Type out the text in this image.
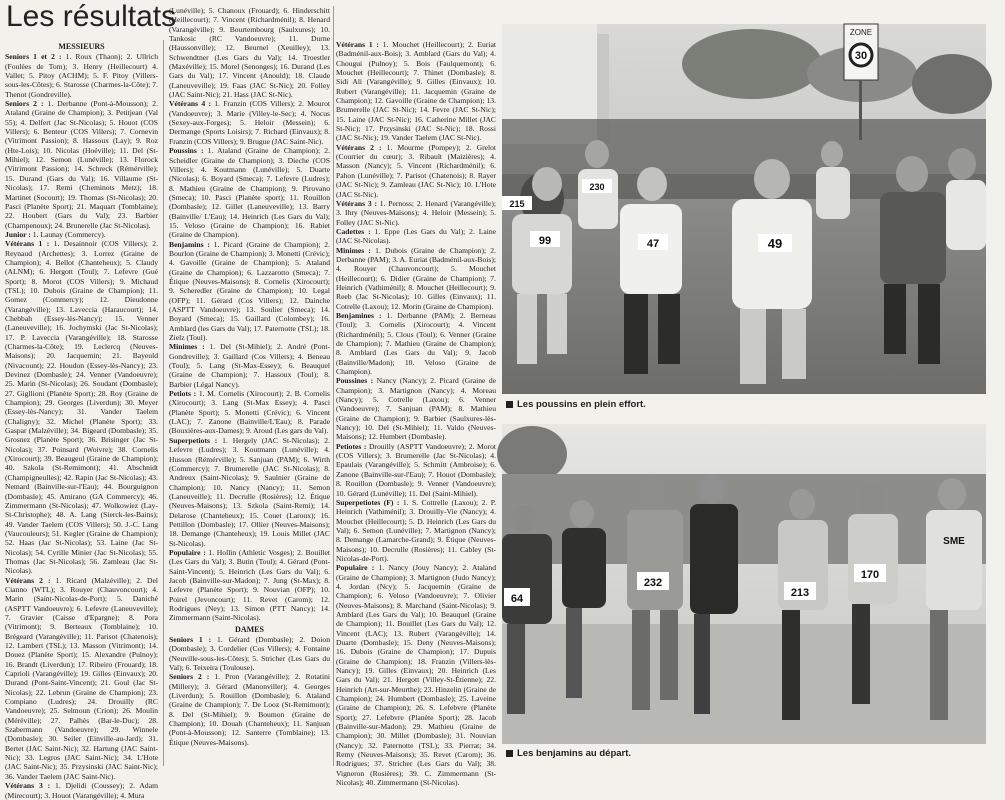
Les résultats
MESSIEURS

Seniors 1 et 2 : 1. Roux (Thaon); 2. Ullrich (Foulées de Tom); 3. Henry (Heillecourt) 4. Vallet; 5. Pitoy (ACHM); 5. F. Pitoy (Villers-sous-les-Côtes); 6. Starosse (Charmes-la-Côte); 7. Thenot (Gondreville).

Seniors 2 : 1. Derbanne (Pont-à-Mousson); 2. Ataland (Graine de Champion); 3. Petitjean (Val 55); 4. Delfert (Jac St-Nicolas); 5. Houot (COS Villers); 6. Benteur (COS Villers); 7. Cornevin (Vitrimont Passion); 8. Hassoux (Lay); 9. Roz (Hte-Lois); 10. Nicolas (Hoéville); 11. Del (St-Mihiel); 12. Semon (Lunéville); 13. Florock (Vitrimont Passion); 14. Schreck (Rémérville); 15. Durand (Gars du Val); 16. Villaume (St-Nicolas); 17. Remi (Cheminots Metz); 18. Martinet (Socourt); 19. Thomas (St-Nicolas); 20. Pasci (Planète Sport); 21. Maquart (Tomblaine); 22. Houbert (Gars du Val); 23. Barbier (Champenoux); 24. Brunerelle (Jac St-Nicolas).

Junior : 1. Launay (Commercy).

Vétérans 1 : 1. Desainnoir (COS Villers); 2. Reynaud (Archettes); 3. Lorrez (Graine de Champion); 4. Bellot (Chanteheux); 5. Claudy (ALNM); 6. Hergott (Toul); 7. Lefevre (Gué Sport); 8. Morot (COS Villers); 9. Michaud (TSL); 10. Dubois (Graine de Champion); 11. Gomez (Commercy); 12. Dieudonne (Varangéville); 13. Laveccia (Haraucourt); 14. Chebbah (Essey-lès-Nancy); 15. Venner (Laneuveville); 16. Jochymski (Jac St-Nicolas); 17. P. Laveccia (Varangéville); 18. Starosse (Charmes-la-Côte); 19. Leclercq (Neuves-Maisons); 20. Jacquemin; 21. Bayeuld (Nivacount); 22. Houdon (Essey-lès-Nancy); 23. Devinez (Dombasle); 24. Venner (Vandoeuvre); 25. Marin (St-Nicolas); 26. Soudant (Dombasle); 27. Gigllioni (Planète Sport); 28. Roy (Graine de Champion); 29. Georges (Liverdun); 30. Meyer (Essey-lès-Nancy); 31. Vander Taelem (Chaligny); 32. Michel (Planète Sport); 33. Gaspar (Malzéville); 34. Bigeard (Dombasle); 35. Grosnez (Planète Sport); 36. Brisinger (Jac St-Nicolas); 37. Poinsard (Woivre); 38. Cornelis (Xirocourt); 39. Beaugeul (Graine de Champion); 40. Szkola (St-Remimont); 41. Abschnidt (Champigneulles); 42. Rapin (Jac St-Nicolas); 43. Nemard (Bainville-sur-l'Eau); 44. Bourguignon (Dombasle); 45. Amirano (GA Commercy); 46. Zimmermann (St-Nicolas); 47. Wolkowiez (Lay-St-Christophe); 48. A. Lang (Sierck-les-Bains); 49. Vander Taelem (COS Villers); 50. J.-C. Lang (Vaucouleurs); 51. Kegler (Graine de Champion); 52. Haas (Jac St-Nicolas); 53. Laine (Jac St-Nicolas); 54. Cyrille Minier (Jac St-Nicolas); 55. Thomas (Jac St-Nicolas); 56. Zamleau (Jac St-Nicolas).

Vétérans 2 : 1. Ricard (Malzéville); 2. Del Cianno (WTL); 3. Rouyer (Chauvoncourt); 4. Marin (Saint-Nicolas-de-Port); 5. Daniché (ASPTT Vandoeuvre); 6. Lefevre (Laneuveville); 7. Gravier (Caisse d'Epargne); 8. Pora (Vitrimont); 9. Berteaux (Tomblaine); 10. Brégeard (Varangéville); 11. Parisot (Chatenois); 12. Lambert (TSL); 13. Masson (Vitrimont); 14. Douez (Planète Sport); 15. Alexandre (Pulnoy); 16. Brandt (Liverdun); 17. Ribeiro (Frouard); 18. Caprioli (Varangéville); 19. Gilles (Einvaux); 20. Durand (Pont-Saint-Vincent); 21. Goul (Jac St-Nicolas); 22. Lebrun (Graine de Champion); 23. Compiano (Ludres); 24. Drouilly (RC Vandoeuvre); 25. Selmoun (Crion); 26. Moulin (Méréville); 27. Palhès (Bar-le-Duc); 28. Szabermann (Vandoeuvre); 29. Winnele (Dombasle); 30. Seiler (Einville-au-Jard); 31. Bertet (JAC Saint-Nic); 32. Hartung (JAC Saint-Nic); 33. Legros (JAC Saint-Nic); 34. L'Hote (JAC Saint-Nic); 35. Przysinski (JAC Saint-Nic); 36. Vander Taelem (JAC Saint-Nic).

Vétérans 3 : 1. Djelidi (Coussey); 2. Adam (Mirecourt); 3. Houot (Varangéville); 4. Mura

(Lunéville); 5. Chanoux (Frouard); 6. Hinderschitt (Heillecourt); 7. Vincent (Richardménil); 8. Henard (Varangéville); 9. Bourtembourg (Saulxures); 10. Tankosic (RC Vandoeuvre); 11. Durne (Haussonville); 12. Beurnel (Xeuilley); 13. Schwendtner (Les Gars du Val); 14. Troestler (Maxéville); 15. Morel (Senonges); 16. Durand (Les Gars du Val); 17. Vincent (Anould); 18. Claude (Laneuveville); 19. Faas (JAC St-Nic); 20. Folley (JAC Saint-Nic); 21. Hass (JAC St-Nic).

Vétérans 4 : 1. Franzin (COS Villers); 2. Mourot (Vandoeuvre); 3. Marie (Villey-le-Sec); 4. Nocus (Sexey-aux-Forges); 5. Heloir (Messein); 6. Dermange (Sports Loisirs); 7. Richard (Einvaux); 8. Franzin (COS Villers); 9. Brugue (JAC Saint-Nic).

Poussins : 1. Ataland (Graine de Champion); 2. Scheidler (Graine de Champion); 3. Dieche (COS Villers); 4. Koutmann (Lunéville); 5. Duarte (Nicolas); 6. Boyard (Smeca); 7. Lefevre (Ludres); 8. Mathieu (Graine de Champion); 9. Pirovano (Smeca); 10. Pasci (Planète sport); 11. Rouillon (Dombasle); 12. Gillet (Laneuveville); 13. Barry (Bainville/ L'Eau); 14. Heinrich (Les Gars du Val); 15. Veloso (Graine de Champion); 16. Rabiet (Graine de Champion).

Benjamins : 1. Picard (Graine de Champion); 2. Bourlon (Graine de Champion); 3. Monetti (Crévic); 4. Gavoille (Graine de Champion); 5. Ataland (Graine de Champion); 6. Lazzarotto (Smeca); 7. Étique (Neuves-Maisons); 8. Cornelis (Xirocourt); 9. Scheredler (Graine de Champion); 10. Legal (OFP); 11. Gérard (Cos Villers); 12. Dainche (ASPTT Vandoeuvre); 13. Soulier (Smeca); 14. Boyard (Smeca); 15. Gaillard (Colombey); 16. Amblard (les Gars du Val); 17. Paternotte (TSL); 18. Zielz (Toul).

Minimes : 1. Del (St-Mihiel); 2. André (Pont-Gondreville); 3. Gaillard (Cos Villers); 4. Beneau (Toul); 5. Lang (St-Max-Essey); 6. Beauquel (Graine de Champion); 7. Hassoux (Toul); 8. Barbier (Légal Nancy).

Petiots : 1. M. Cornelis (Xirocourt); 2. B. Cornelis (Xirocourt); 3. Lang (St-Max Essey); 4. Pasci (Planète Sport); 5. Monetti (Crévic); 6. Vincent (LAC); 7. Zanone (Bainville/L'Eau); 8. Parade (Bouxières-aux-Dames); 9. Aroud (Les gars du Val).

Superpetiots : 1. Hergely (JAC St-Nicolas); 2. Lefevre (Ludres); 3. Koutmann (Lunéville); 4. Husson (Rémérville); 5. Sanjuan (PAM); 6. Wirth (Commercy); 7. Brumerelle (JAC St-Nicolas); 8. Andreux (Saint-Nicolas); 9. Saulnier (Graine de Champion); 10. Nancy (Nancy); 11. Semon (Laneuveille); 11. Decrulle (Rosières); 12. Étique (Neuves-Maisons); 13. Szkola (Saint-Remi); 14. Delarose (Chanteheux); 15. Couet (Laroux); 16. Pettillon (Dombasle); 17. Ollier (Neuves-Maisons); 18. Demange (Chanteheux); 19. Louis Millet (JAC St-Nicolas).

Populaire : 1. Hollin (Athletic Vosges); 2. Bouillet (Les Gars du Val); 3. Butin (Toul); 4. Gérard (Pont-Saint-Vincent); 5. Heinrich (Les Gars du Val); 6. Jacob (Bainville-sur-Madon); 7. Jung (St-Max); 8. Lefevre (Planète Sport); 9. Nouvian (OFP); 10. Poirel (Jevoncourt); 11. Revet (Carom); 12. Rodrigues (Ney); 13. Simon (PTT Nancy); 14. Zimmermann (Saint-Nicolas).

DAMES

Seniors 1 : 1. Gérard (Dombasle); 2. Doion (Dombasle); 3. Cordelier (Cos Villers); 4. Fontaine (Neuville-sous-les-Côtes); 5. Stricher (Les Gars du Val); 6. Teixeira (Toulouse).

Seniors 2 : 1. Pron (Varangéville); 2. Rotatini (Millery); 3. Gérard (Manonviller); 4. Georges (Liverdun); 5. Rouillon (Dombasle); 6. Ataland (Graine de Champion); 7. De Looz (St-Remimont); 8. Del (St-Mihiel); 9. Boumon (Graine de Champion); 10. Douah (Chanteheux); 11. Sanjuan (Pont-à-Mousson); 12. Santerre (Tomblaine); 13. Étique (Neuves-Maisons).

Vétérans 1 : 1. Mouchet (Heillecourt); 2. Euriat (Badménil-aux-Bois); 3. Amblard (Gars du Val); 4. Chougui (Pulnoy); 5. Bois (Faulquemont); 6. Mouchet (Heillecourt); 7. Thinet (Dombasle); 8. Sidi Ali (Varangéville); 9. Gilles (Einvaux); 10. Rubert (Varangéville); 11. Jacquemin (Graine de Champion); 12. Gavoille (Graine de Champion); 13. Brumerelle (JAC St-Nic); 14. Fevre (JAC St-Nic); 15. Laine (JAC St-Nic); 16. Catherine Millet (JAC St-Nic); 17. Przysinski (JAC St-Nic); 18. Rossi (JAC St-Nic); 19. Vander Taelem (JAC St-Nic).

Vétérans 2 : 1. Mourme (Pompey); 2. Grelot (Courrier du cœur); 3. Ribault (Maizières); 4. Masson (Nancy); 5. Vincent (Richardménil); 6. Pahon (Lunéville); 7. Parisot (Chatenois); 8. Rayer (JAC St-Nic); 9. Zamleau (JAC St-Nic); 10. L'Hote (JAC St-Nic).

Vétérans 3 : 1. Pernoss; 2. Henard (Varangéville); 3. Ihry (Neuves-Maisons); 4. Heloir (Messein); 5. Folley (JAC St-Nic).

Cadettes : 1. Eppe (Les Gars du Val); 2. Laine (JAC St-Nicolas).

Minimes : 1. Dubois (Graine de Champion); 2. Derbanne (PAM); 3. A. Euriat (Badménil-aux-Bois); 4. Rouyer (Chauvoncourt); 5. Mouchet (Heillecourt); 6. Didier (Graine de Champion); 7. Heinrich (Vathiménil); 8. Mouchet (Heillecourt); 9. Reeb (Jac St-Nicolas); 10. Gilles (Einvaux); 11. Cotrelle (Laxou); 12. Morin (Graine de Champion).

Benjamines : 1. Derbanne (PAM); 2. Berneau (Toul); 3. Cornelis (Xirocourt); 4. Vincent (Richardménil); 5. Clous (Toul); 6. Venner (Graine de Champion); 7. Mathieu (Graine de Champion); 8. Amblard (Les Gars du Val); 9. Jacob (Bainville/Madon); 10. Veloso (Graine de Champion).

Poussines : Nancy (Nancy); 2. Picard (Graine de Champion); 3. Martignon (Nancy); 4. Moreau (Nancy); 5. Cotrelle (Laxou); 6. Venner (Vandoeuvre); 7. Sanjuan (PAM); 8. Mathieu (Graine de Champion); 9. Barbier (Saulxures-lès-Nancy); 10. Del (St-Mihiel); 11. Valdo (Neuves-Maisons); 12. Humbert (Dombasle).

Petiotes : Drouilly (ASPTT Vandoeuvre); 2. Morot (COS Villers); 3. Brumerelle (Jac St-Nicolas); 4. Epaulais (Varangéville); 5. Schmitt (Ambroise); 6. Zanone (Bainville-sur-l'Eau); 7. Houot (Dombasle); 8. Rouillon (Dombasle); 9. Venner (Vandoeuvre); 10. Gérard (Lunéville); 11. Del (Saint-Mihiel).

Superpetiotes (F) : 1. S. Cottrelle (Laxou); 2. P. Heinrich (Vathiménil); 3. Drouilly-Vie (Nancy); 4. Mouchet (Heillecourt); 5. D. Heinrich (Les Gars du Val); 6. Semon (Lunéville); 7. Martignon (Nancy); 8. Demange (Lamarche-Grand); 9. Étique (Neuves-Maisons); 10. Decrulle (Rosières); 11. Cabley (St-Nicolas-de-Port).

Populaire : 1. Nancy (Jouy Nancy); 2. Ataland (Graine de Champion); 3. Martignon (Judo Nancy); 4. Jordan (Ncy); 5. Jacquemin (Graine de Champion); 6. Veloso (Vandoeuvre); 7. Olivier (Neuves-Maisons); 8. Marchand (Saint-Nicolas); 9. Amblard (Les Gars du Val); 10. Beauquel (Graine de Champion); 11. Bouillet (Les Gars du Val); 12. Vincent (LAC); 13. Rubert (Varangéville); 14. Duarte (Dombasle); 15. Deny (Neuves-Maisons); 16. Dubois (Graine de Champion); 17. Dupuis (Graine de Champion); 18. Franzin (Villers-lès-Nancy); 19. Gilles (Einvaux); 20. Heinrich (Les Gars du Val); 21. Hergott (Villey-St-Étienne); 22. Heinrich (Art-sur-Meurthe); 23. Hinzelin (Graine de Champion); 24. Humbert (Dombasle); 25. Laveine (Graine de Champion); 26. S. Lefebvre (Planète Sport); 27. Lefebvre (Planète Sport); 28. Jacob (Bainville-sur-Madon); 29. Mathieu (Graine de Champion); 30. Millet (Dombasle); 31. Nouvian (Nancy); 32. Paternotte (TSL); 33. Pierrat; 34. Remy (Neuves-Maisons); 35. Revet (Carom); 36. Rodrigues; 37. Stricher (Les Gars du Val); 38. Vigneron (Rosières); 39. C. Zimmermann (St-Nicolas); 40. Zimmermann (St-Nicolas).

ZONE
30
99	47	49
230
215
Les poussins en plein effort.
232
213
170
64
SME
Les benjamins au départ.
